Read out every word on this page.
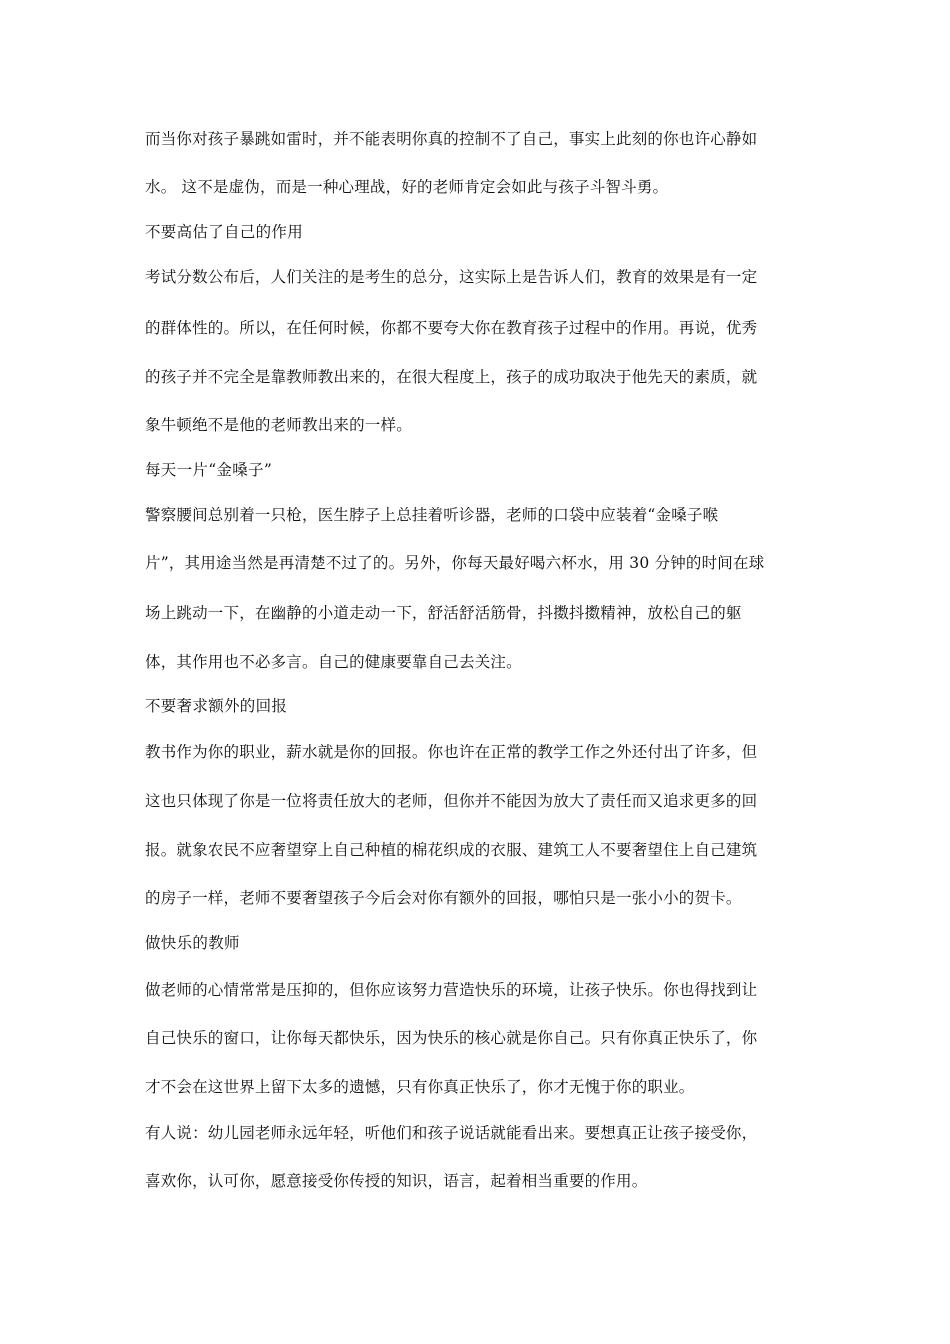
而当你对孩子暴跳如雷时，并不能表明你真的控制不了自己，事实上此刻的你也许心静如
水。 这不是虚伪，而是一种心理战，好的老师肯定会如此与孩子斗智斗勇。
不要高估了自己的作用
考试分数公布后，人们关注的是考生的总分，这实际上是告诉人们，教育的效果是有一定
的群体性的。所以，在任何时候，你都不要夸大你在教育孩子过程中的作用。再说，优秀
的孩子并不完全是靠教师教出来的，在很大程度上，孩子的成功取决于他先天的素质，就
象牛顿绝不是他的老师教出来的一样。
每天一片“金嗓子”
警察腰间总别着一只枪，医生脖子上总挂着听诊器，老师的口袋中应装着“金嗓子喉
片”，其用途当然是再清楚不过了的。另外，你每天最好喝六杯水，用 30 分钟的时间在球
场上跳动一下，在幽静的小道走动一下，舒活舒活筋骨，抖擞抖擞精神，放松自己的躯
体，其作用也不必多言。自己的健康要靠自己去关注。
不要奢求额外的回报
教书作为你的职业，薪水就是你的回报。你也许在正常的教学工作之外还付出了许多，但
这也只体现了你是一位将责任放大的老师，但你并不能因为放大了责任而又追求更多的回
报。就象农民不应奢望穿上自己种植的棉花织成的衣服、建筑工人不要奢望住上自己建筑
的房子一样，老师不要奢望孩子今后会对你有额外的回报，哪怕只是一张小小的贺卡。
做快乐的教师
做老师的心情常常是压抑的，但你应该努力营造快乐的环境，让孩子快乐。你也得找到让
自己快乐的窗口，让你每天都快乐，因为快乐的核心就是你自己。只有你真正快乐了，你
才不会在这世界上留下太多的遗憾，只有你真正快乐了，你才无愧于你的职业。
有人说：幼儿园老师永远年轻，听他们和孩子说话就能看出来。要想真正让孩子接受你，
喜欢你，认可你，愿意接受你传授的知识，语言，起着相当重要的作用。
